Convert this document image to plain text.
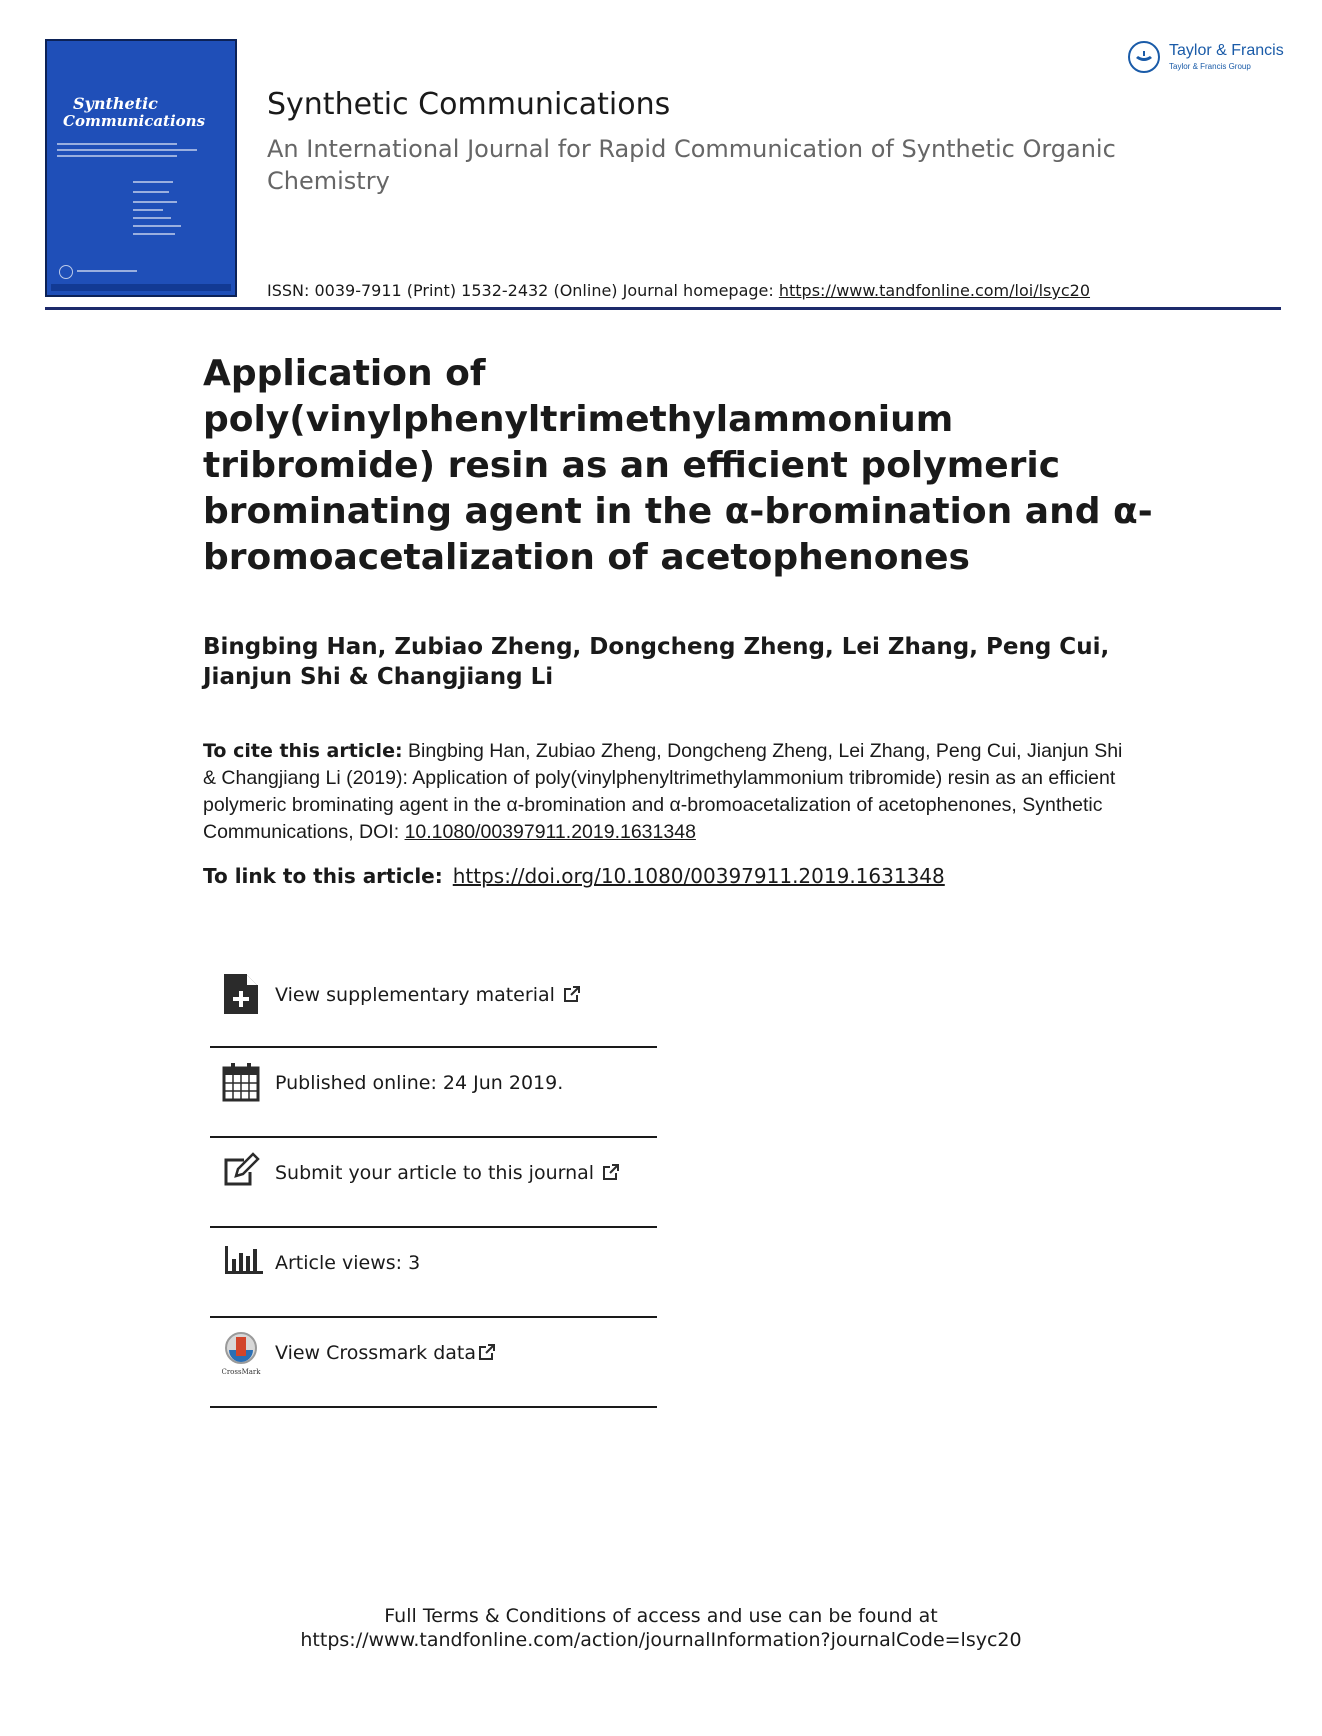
Synthetic
Communications
Taylor & Francis
Taylor & Francis Group
Synthetic Communications
An International Journal for Rapid Communication of Synthetic Organic Chemistry
ISSN: 0039-7911 (Print) 1532-2432 (Online) Journal homepage: https://www.tandfonline.com/loi/lsyc20
Application of poly(vinylphenyltrimethylammonium tribromide) resin as an efficient polymeric brominating agent in the α-bromination and α-bromoacetalization of acetophenones
Bingbing Han, Zubiao Zheng, Dongcheng Zheng, Lei Zhang, Peng Cui, Jianjun Shi & Changjiang Li
To cite this article: Bingbing Han, Zubiao Zheng, Dongcheng Zheng, Lei Zhang, Peng Cui, Jianjun Shi & Changjiang Li (2019): Application of poly(vinylphenyltrimethylammonium tribromide) resin as an efficient polymeric brominating agent in the α-bromination and α-bromoacetalization of acetophenones, Synthetic Communications, DOI: 10.1080/00397911.2019.1631348
To link to this article: https://doi.org/10.1080/00397911.2019.1631348
View supplementary material
Published online: 24 Jun 2019.
Submit your article to this journal
Article views: 3
CrossMark
View Crossmark data
Full Terms & Conditions of access and use can be found at
https://www.tandfonline.com/action/journalInformation?journalCode=lsyc20
